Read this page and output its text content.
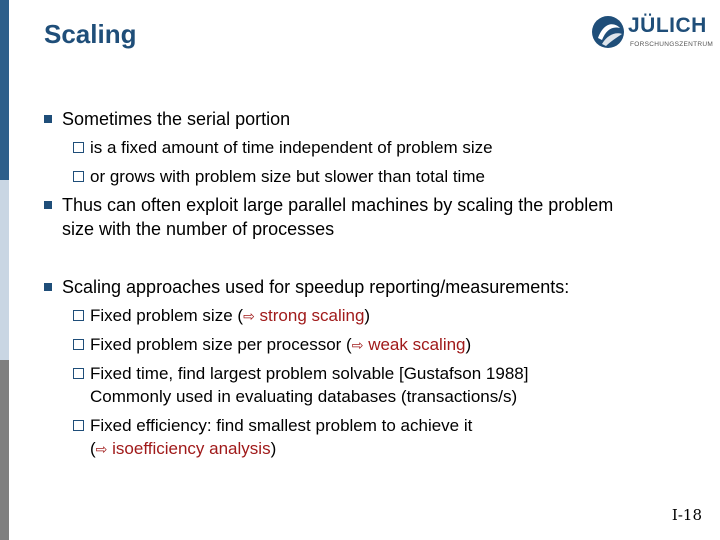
Scaling	JÜLICH
FORSCHUNGSZENTRUM
Sometimes the serial portion
is a fixed amount of time independent of problem size
or grows with problem size but slower than total time
Thus can often exploit large parallel machines by scaling the problem
size with the number of processes
Scaling approaches used for speedup reporting/measurements:
Fixed problem size (⇨ strong scaling)
Fixed problem size per processor (⇨ weak scaling)
Fixed time, find largest problem solvable [Gustafson 1988]
Commonly used in evaluating databases (transactions/s)
Fixed efficiency: find smallest problem to achieve it
(⇨ isoefficiency analysis)
I-18
